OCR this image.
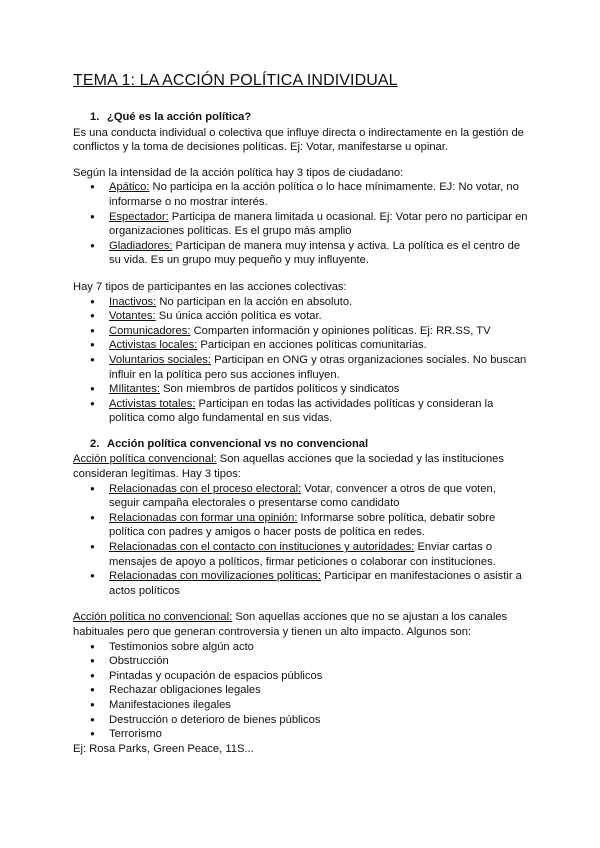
TEMA 1: LA ACCIÓN POLÍTICA INDIVIDUAL
1. ¿Qué es la acción política?

Es una conducta individual o colectiva que influye directa o indirectamente en la gestión de conflictos y la toma de decisiones políticas. Ej: Votar, manifestarse u opinar.

Según la intensidad de la acción política hay 3 tipos de ciudadano:

● Apático: No participa en la acción política o lo hace mínimamente. EJ: No votar, no informarse o no mostrar interés.
● Espectador: Participa de manera limitada u ocasional. Ej: Votar pero no participar en organizaciones políticas. Es el grupo más amplio
● Gladiadores: Participan de manera muy intensa y activa. La política es el centro de su vida. Es un grupo muy pequeño y muy influyente.

Hay 7 tipos de participantes en las acciones colectivas:

● Inactivos: No participan en la acción en absoluto.
● Votantes: Su única acción política es votar.
● Comunicadores: Comparten información y opiniones políticas. Ej: RR.SS, TV
● Activistas locales: Participan en acciones políticas comunitarias.
● Voluntarios sociales: Participan en ONG y otras organizaciones sociales. No buscan influir en la política pero sus acciones influyen.
● MIlitantes: Son miembros de partidos políticos y sindicatos
● Activistas totales: Participan en todas las actividades políticas y consideran la política como algo fundamental en sus vidas.
2. Acción política convencional vs no convencional

Acción política convencional: Son aquellas acciones que la sociedad y las instituciones consideran legítimas. Hay 3 tipos:

● Relacionadas con el proceso electoral: Votar, convencer a otros de que voten, seguir campaña electorales o presentarse como candidato
● Relacionadas con formar una opinión: Informarse sobre política, debatir sobre política con padres y amigos o hacer posts de política en redes.
● Relacionadas con el contacto con instituciones y autoridades: Enviar cartas o mensajes de apoyo a políticos, firmar peticiones o colaborar con instituciones.
● Relacionadas con movilizaciones políticas: Participar en manifestaciones o asistir a actos políticos

Acción política no convencional: Son aquellas acciones que no se ajustan a los canales habituales pero que generan controversia y tienen un alto impacto. Algunos son:

● Testimonios sobre algún acto
● Obstrucción
● Pintadas y ocupación de espacios públicos
● Rechazar obligaciones legales
● Manifestaciones ilegales
● Destrucción o deterioro de bienes públicos
● Terrorismo

Ej: Rosa Parks, Green Peace, 11S...
